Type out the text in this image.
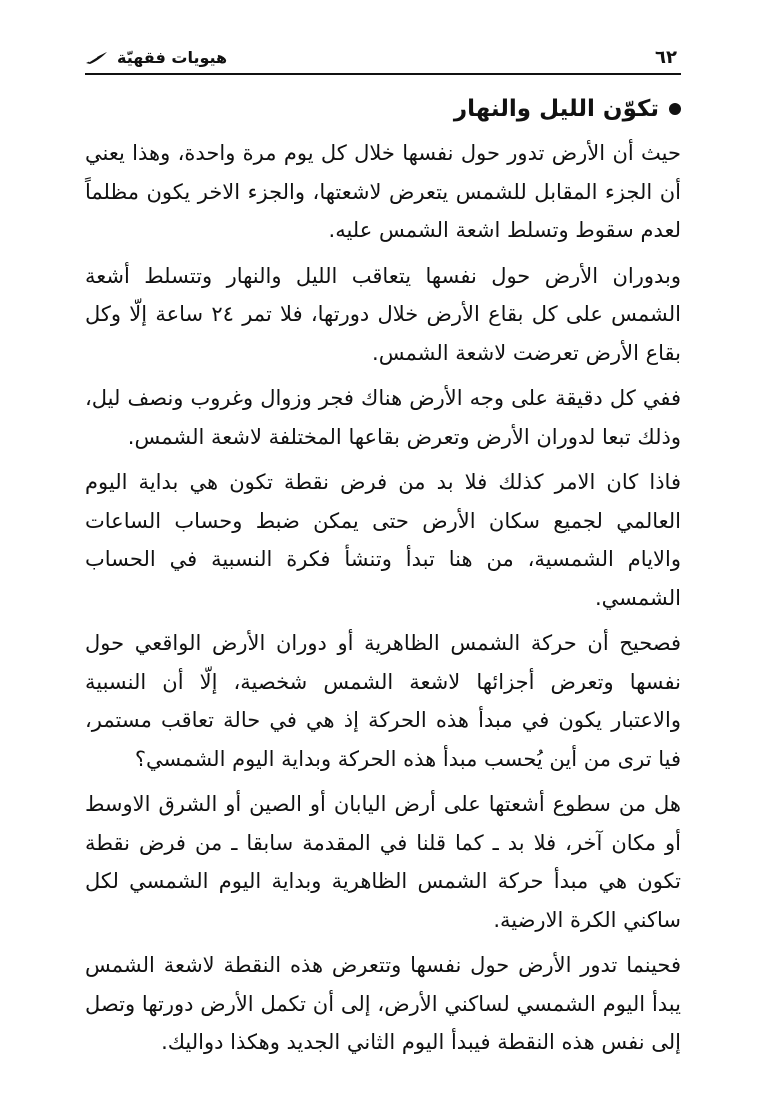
هيويات فقهيّة	٦٢
تكوّن الليل والنهار

حيث أن الأرض تدور حول نفسها خلال كل يوم مرة واحدة، وهذا يعني أن الجزء المقابل للشمس يتعرض لاشعتها، والجزء الاخر يكون مظلماً لعدم سقوط وتسلط اشعة الشمس عليه.

وبدوران الأرض حول نفسها يتعاقب الليل والنهار وتتسلط أشعة الشمس على كل بقاع الأرض خلال دورتها، فلا تمر ٢٤ ساعة إلّا وكل بقاع الأرض تعرضت لاشعة الشمس.

ففي كل دقيقة على وجه الأرض هناك فجر وزوال وغروب ونصف ليل، وذلك تبعا لدوران الأرض وتعرض بقاعها المختلفة لاشعة الشمس.

فاذا كان الامر كذلك فلا بد من فرض نقطة تكون هي بداية اليوم العالمي لجميع سكان الأرض حتى يمكن ضبط وحساب الساعات والايام الشمسية، من هنا تبدأ وتنشأ فكرة النسبية في الحساب الشمسي.

فصحيح أن حركة الشمس الظاهرية أو دوران الأرض الواقعي حول نفسها وتعرض أجزائها لاشعة الشمس شخصية، إلّا أن النسبية والاعتبار يكون في مبدأ هذه الحركة إذ هي في حالة تعاقب مستمر، فيا ترى من أين يُحسب مبدأ هذه الحركة وبداية اليوم الشمسي؟

هل من سطوع أشعتها على أرض اليابان أو الصين أو الشرق الاوسط أو مكان آخر، فلا بد ـ كما قلنا في المقدمة سابقا ـ من فرض نقطة تكون هي مبدأ حركة الشمس الظاهرية وبداية اليوم الشمسي لكل ساكني الكرة الارضية.

فحينما تدور الأرض حول نفسها وتتعرض هذه النقطة لاشعة الشمس يبدأ اليوم الشمسي لساكني الأرض، إلى أن تكمل الأرض دورتها وتصل إلى نفس هذه النقطة فيبدأ اليوم الثاني الجديد وهكذا دواليك.
